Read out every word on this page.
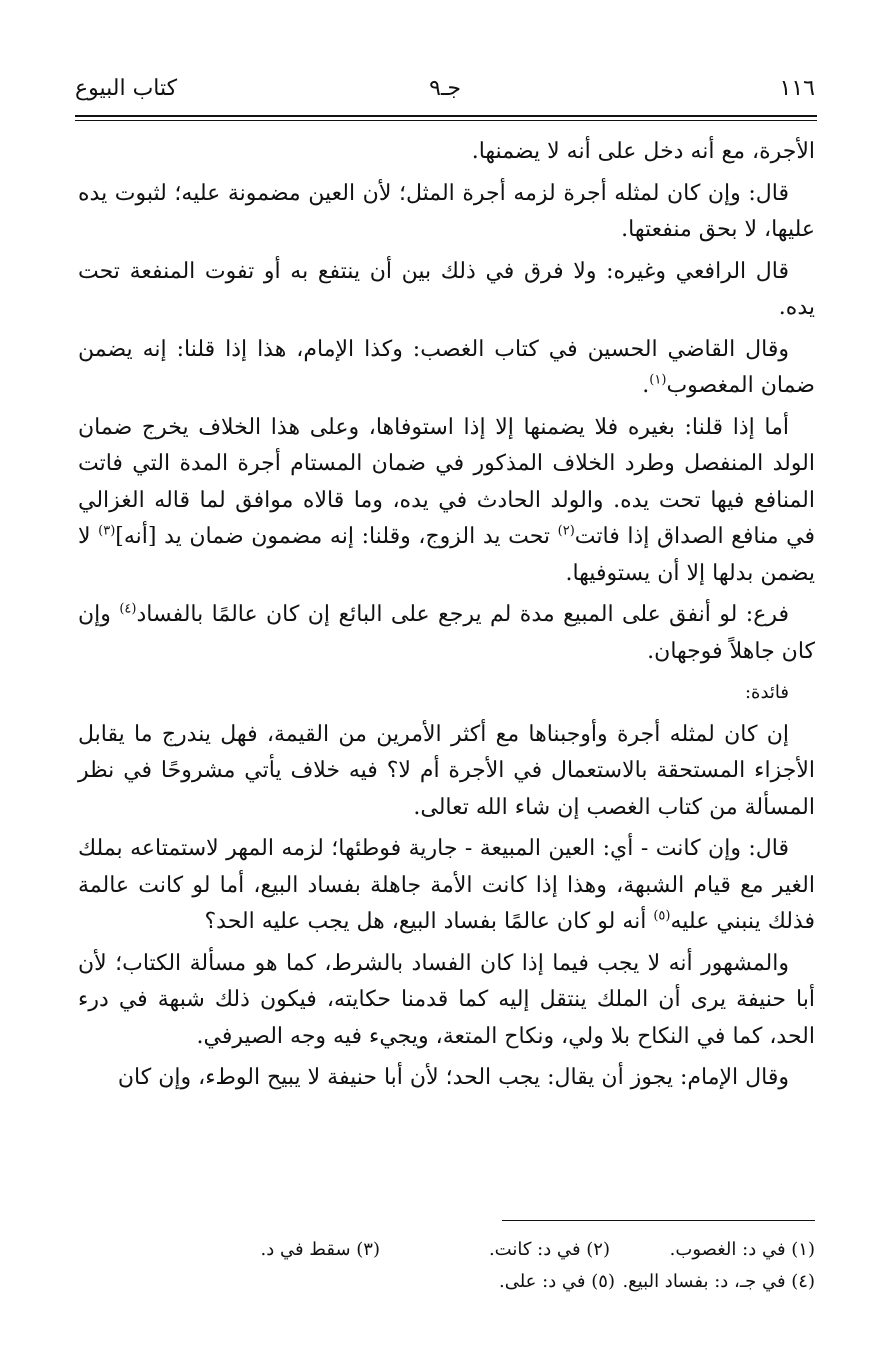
١١٦
جـ٩
كتاب البيوع

الأجرة، مع أنه دخل على أنه لا يضمنها.

قال: وإن كان لمثله أجرة لزمه أجرة المثل؛ لأن العين مضمونة عليه؛ لثبوت يده عليها، لا بحق منفعتها.

قال الرافعي وغيره: ولا فرق في ذلك بين أن ينتفع به أو تفوت المنفعة تحت يده.

وقال القاضي الحسين في كتاب الغصب: وكذا الإمام، هذا إذا قلنا: إنه يضمن ضمان المغصوب$^{(١)}$.

أما إذا قلنا: بغيره فلا يضمنها إلا إذا استوفاها، وعلى هذا الخلاف يخرج ضمان الولد المنفصل وطرد الخلاف المذكور في ضمان المستام أجرة المدة التي فاتت المنافع فيها تحت يده. والولد الحادث في يده، وما قالاه موافق لما قاله الغزالي في منافع الصداق إذا فاتت$^{(٢)}$ تحت يد الزوج، وقلنا: إنه مضمون ضمان يد [أنه]$^{(٣)}$ لا يضمن بدلها إلا أن يستوفيها.

فرع: لو أنفق على المبيع مدة لم يرجع على البائع إن كان عالمًا بالفساد$^{(٤)}$ وإن كان جاهلاً فوجهان.

فائدة:

إن كان لمثله أجرة وأوجبناها مع أكثر الأمرين من القيمة، فهل يندرج ما يقابل الأجزاء المستحقة بالاستعمال في الأجرة أم لا؟ فيه خلاف يأتي مشروحًا في نظر المسألة من كتاب الغصب إن شاء الله تعالى.

قال: وإن كانت - أي: العين المبيعة - جارية فوطئها؛ لزمه المهر لاستمتاعه بملك الغير مع قيام الشبهة، وهذا إذا كانت الأمة جاهلة بفساد البيع، أما لو كانت عالمة فذلك ينبني عليه$^{(٥)}$ أنه لو كان عالمًا بفساد البيع، هل يجب عليه الحد؟

والمشهور أنه لا يجب فيما إذا كان الفساد بالشرط، كما هو مسألة الكتاب؛ لأن أبا حنيفة يرى أن الملك ينتقل إليه كما قدمنا حكايته، فيكون ذلك شبهة في درء الحد، كما في النكاح بلا ولي، ونكاح المتعة، ويجيء فيه وجه الصيرفي.

وقال الإمام: يجوز أن يقال: يجب الحد؛ لأن أبا حنيفة لا يبيح الوطء، وإن كان

(١) في د: الغصوب.
(٢) في د: كانت.
(٣) سقط في د.
(٤) في جـ، د: بفساد البيع.
(٥) في د: على.
